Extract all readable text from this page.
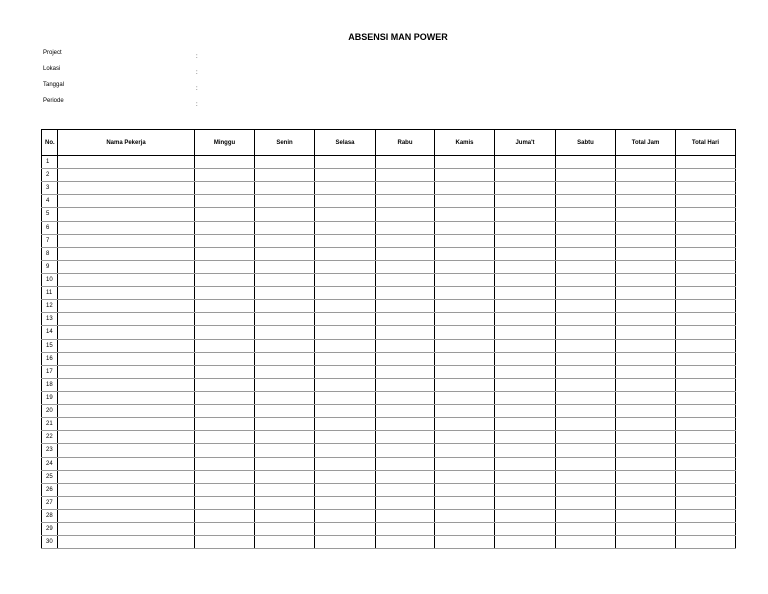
ABSENSI MAN POWER
Project
:
Lokasi
:
Tanggal
:
Periode
:
No.	Nama Pekerja	Minggu	Senin	Selasa	Rabu	Kamis	Juma't	Sabtu	Total Jam	Total Hari
1										
2										
3										
4										
5										
6										
7										
8										
9										
10										
11										
12										
13										
14										
15										
16										
17										
18										
19										
20										
21										
22										
23										
24										
25										
26										
27										
28										
29										
30										
